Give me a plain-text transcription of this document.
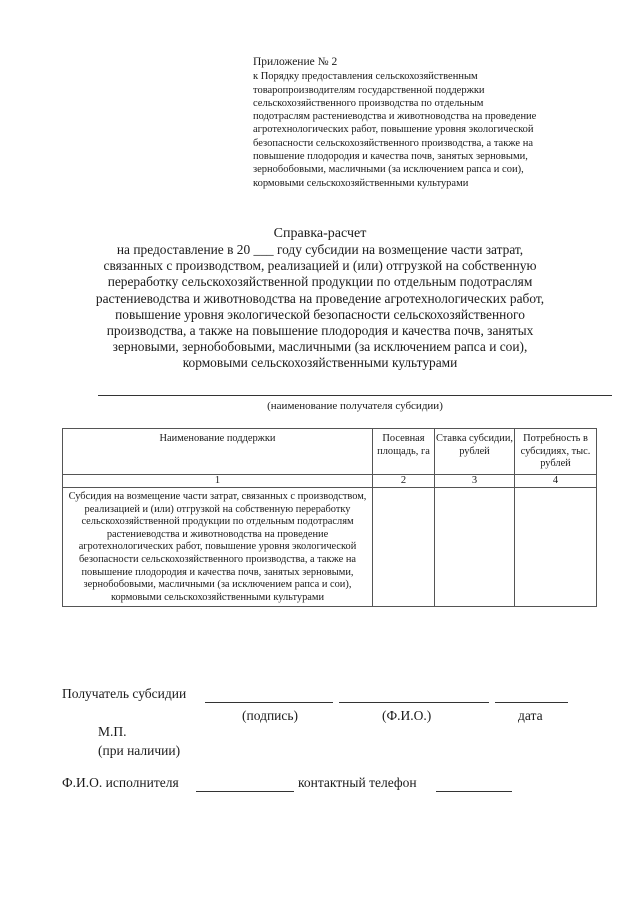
Приложение № 2
к Порядку предоставления сельскохозяйственным
товаропроизводителям государственной поддержки
сельскохозяйственного производства по отдельным
подотраслям растениеводства и животноводства на проведение
агротехнологических работ, повышение уровня экологической
безопасности сельскохозяйственного производства, а также на
повышение плодородия и качества почв, занятых зерновыми,
зернобобовыми, масличными (за исключением рапса и сои),
кормовыми сельскохозяйственными культурами
Справка-расчет
на предоставление в 20 ___ году субсидии на возмещение части затрат,
связанных с производством, реализацией и (или) отгрузкой на собственную
переработку сельскохозяйственной продукции по отдельным подотраслям
растениеводства и животноводства на проведение агротехнологических работ,
повышение уровня экологической безопасности сельскохозяйственного
производства, а также на повышение плодородия и качества почв, занятых
зерновыми, зернобобовыми, масличными (за исключением рапса и сои),
кормовыми сельскохозяйственными культурами
(наименование получателя субсидии)
Наименование поддержки	Посевная площадь, га	Ставка субсидии, рублей	Потребность в субсидиях, тыс. рублей
1	2	3	4
Субсидия на возмещение части затрат, связанных с производством, реализацией и (или) отгрузкой на собственную переработку сельскохозяйственной продукции по отдельным подотраслям растениеводства и животноводства на проведение агротехнологических работ, повышение уровня экологической безопасности сельскохозяйственного производства, а также на повышение плодородия и качества почв, занятых зерновыми, зернобобовыми, масличными (за исключением рапса и сои), кормовыми сельскохозяйственными культурами			
Получатель субсидии
(подпись)	(Ф.И.О.)	дата
М.П.
(при наличии)
Ф.И.О. исполнителя	контактный телефон
